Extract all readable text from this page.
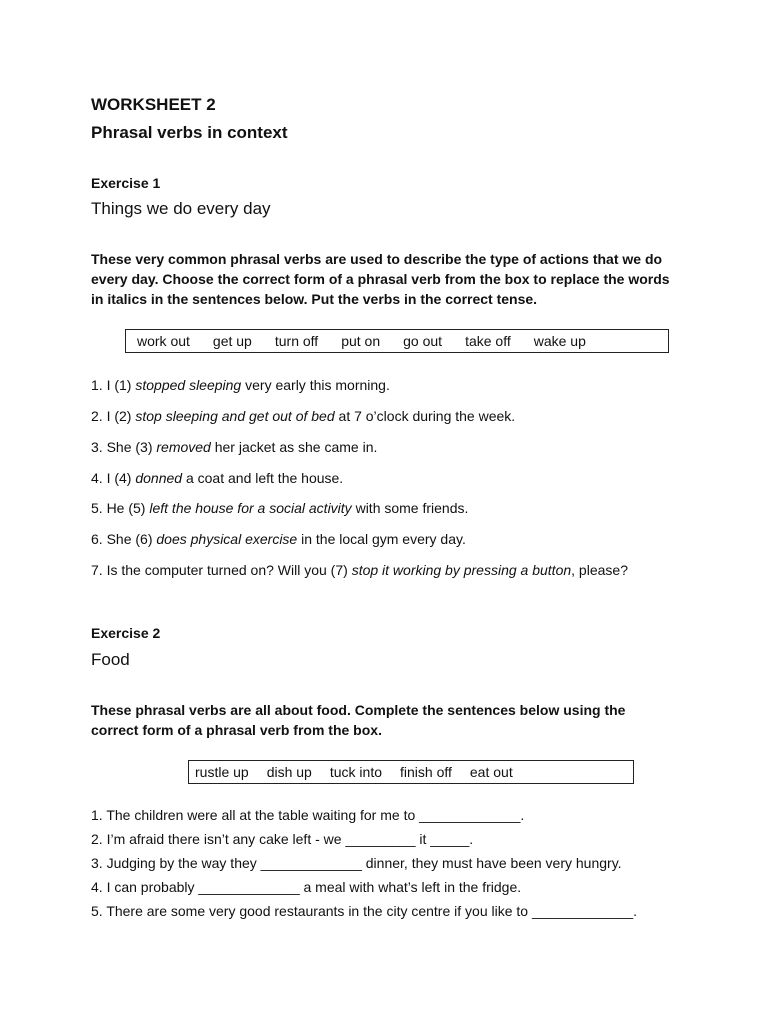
WORKSHEET 2
Phrasal verbs in context
Exercise 1
Things we do every day
These very common phrasal verbs are used to describe the type of actions that we do every day. Choose the correct form of a phrasal verb from the box to replace the words in italics in the sentences below. Put the verbs in the correct tense.
work out get up turn off put on go out take off wake up
1. I (1) stopped sleeping very early this morning.
2. I (2) stop sleeping and get out of bed at 7 o’clock during the week.
3. She (3) removed her jacket as she came in.
4. I (4) donned a coat and left the house.
5. He (5) left the house for a social activity with some friends.
6. She (6) does physical exercise in the local gym every day.
7. Is the computer turned on? Will you (7) stop it working by pressing a button, please?
Exercise 2
Food
These phrasal verbs are all about food. Complete the sentences below using the correct form of a phrasal verb from the box.
rustle up dish up tuck into finish off eat out
1. The children were all at the table waiting for me to _____________.
2. I’m afraid there isn’t any cake left - we _________ it _____.
3. Judging by the way they _____________ dinner, they must have been very hungry.
4. I can probably _____________ a meal with what’s left in the fridge.
5. There are some very good restaurants in the city centre if you like to _____________.
